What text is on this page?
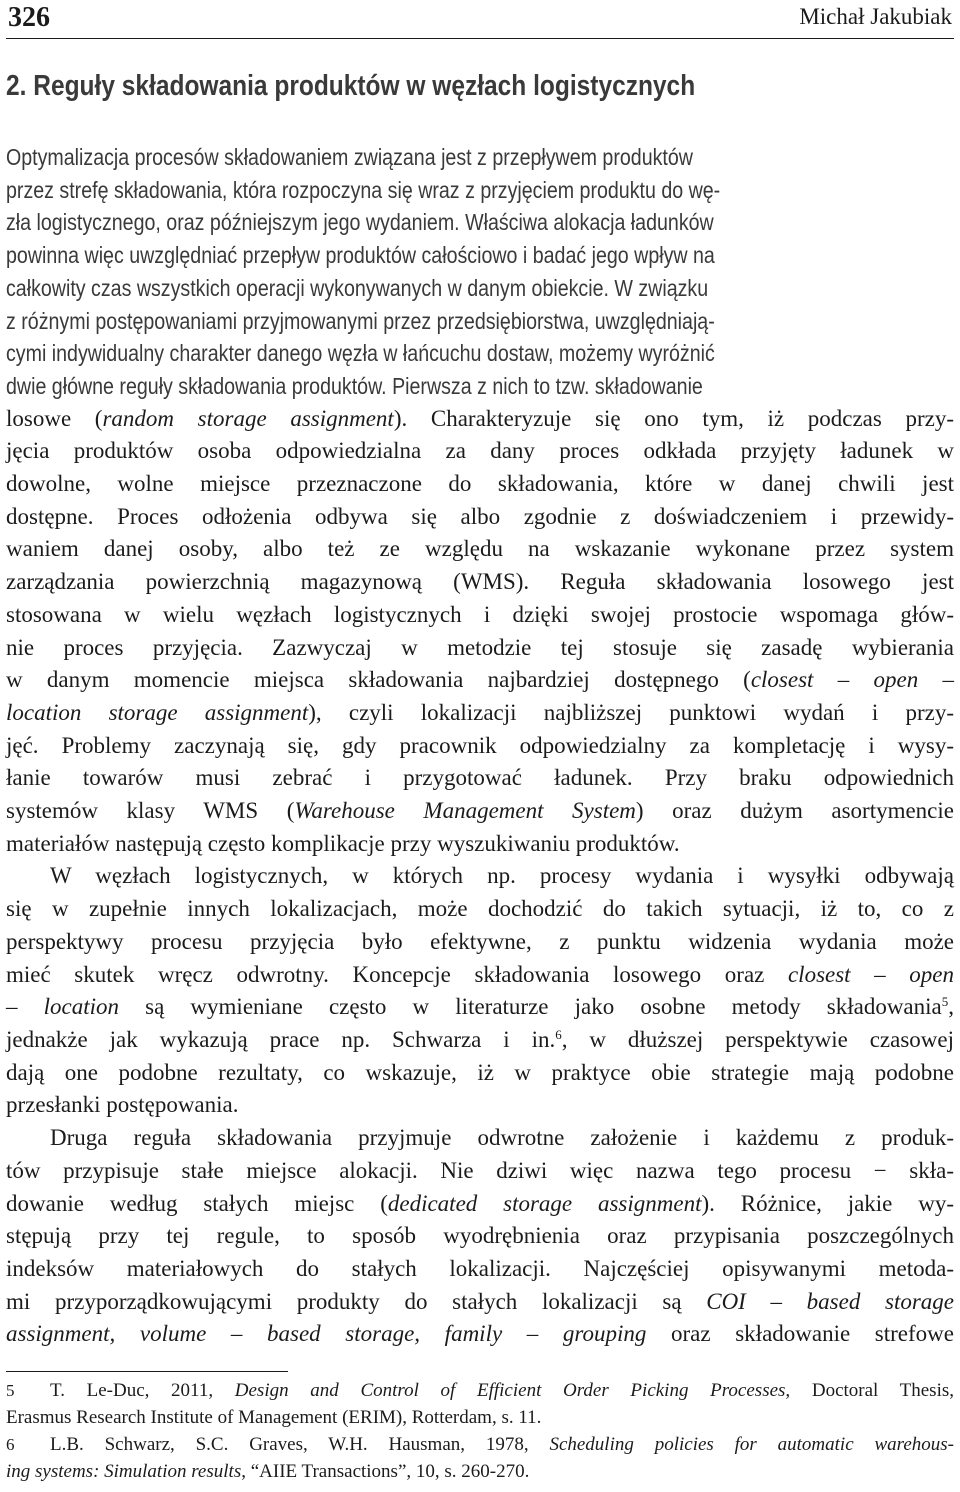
326	Michał Jakubiak
2. Reguły składowania produktów w węzłach logistycznych

Optymalizacja procesów składowaniem związana jest z przepływem produktów
przez strefę składowania, która rozpoczyna się wraz z przyjęciem produktu do wę-
zła logistycznego, oraz późniejszym jego wydaniem. Właściwa alokacja ładunków
powinna więc uwzględniać przepływ produktów całościowo i badać jego wpływ na
całkowity czas wszystkich operacji wykonywanych w danym obiekcie. W związku
z różnymi postępowaniami przyjmowanymi przez przedsiębiorstwa, uwzględniają-
cymi indywidualny charakter danego węzła w łańcuchu dostaw, możemy wyróżnić
dwie główne reguły składowania produktów. Pierwsza z nich to tzw. składowanie
losowe (random storage assignment). Charakteryzuje się ono tym, iż podczas przy-
jęcia produktów osoba odpowiedzialna za dany proces odkłada przyjęty ładunek w
dowolne, wolne miejsce przeznaczone do składowania, które w danej chwili jest
dostępne. Proces odłożenia odbywa się albo zgodnie z doświadczeniem i przewidy-
waniem danej osoby, albo też ze względu na wskazanie wykonane przez system
zarządzania powierzchnią magazynową (WMS). Reguła składowania losowego jest
stosowana w wielu węzłach logistycznych i dzięki swojej prostocie wspomaga głów-
nie proces przyjęcia. Zazwyczaj w metodzie tej stosuje się zasadę wybierania
w danym momencie miejsca składowania najbardziej dostępnego (closest – open –
location storage assignment), czyli lokalizacji najbliższej punktowi wydań i przy-
jęć. Problemy zaczynają się, gdy pracownik odpowiedzialny za kompletację i wysy-
łanie towarów musi zebrać i przygotować ładunek. Przy braku odpowiednich
systemów klasy WMS (Warehouse Management System) oraz dużym asortymencie
materiałów następują często komplikacje przy wyszukiwaniu produktów.

W węzłach logistycznych, w których np. procesy wydania i wysyłki odbywają
się w zupełnie innych lokalizacjach, może dochodzić do takich sytuacji, iż to, co z
perspektywy procesu przyjęcia było efektywne, z punktu widzenia wydania może
mieć skutek wręcz odwrotny. Koncepcje składowania losowego oraz closest – open
– location są wymieniane często w literaturze jako osobne metody składowania$^5$,
jednakże jak wykazują prace np. Schwarza i in.$^6$, w dłuższej perspektywie czasowej
dają one podobne rezultaty, co wskazuje, iż w praktyce obie strategie mają podobne
przesłanki postępowania.

Druga reguła składowania przyjmuje odwrotne założenie i każdemu z produk-
tów przypisuje stałe miejsce alokacji. Nie dziwi więc nazwa tego procesu − skła-
dowanie według stałych miejsc (dedicated storage assignment). Różnice, jakie wy-
stępują przy tej regule, to sposób wyodrębnienia oraz przypisania poszczególnych
indeksów materiałowych do stałych lokalizacji. Najczęściej opisywanymi metoda-
mi przyporządkowującymi produkty do stałych lokalizacji są COI – based storage
assignment, volume – based storage, family – grouping oraz składowanie strefowe

5 T. Le-Duc, 2011, Design and Control of Efficient Order Picking Processes, Doctoral Thesis,
Erasmus Research Institute of Management (ERIM), Rotterdam, s. 11.
6 L.B. Schwarz, S.C. Graves, W.H. Hausman, 1978, Scheduling policies for automatic warehous-
ing systems: Simulation results, “AIIE Transactions”, 10, s. 260-270.
